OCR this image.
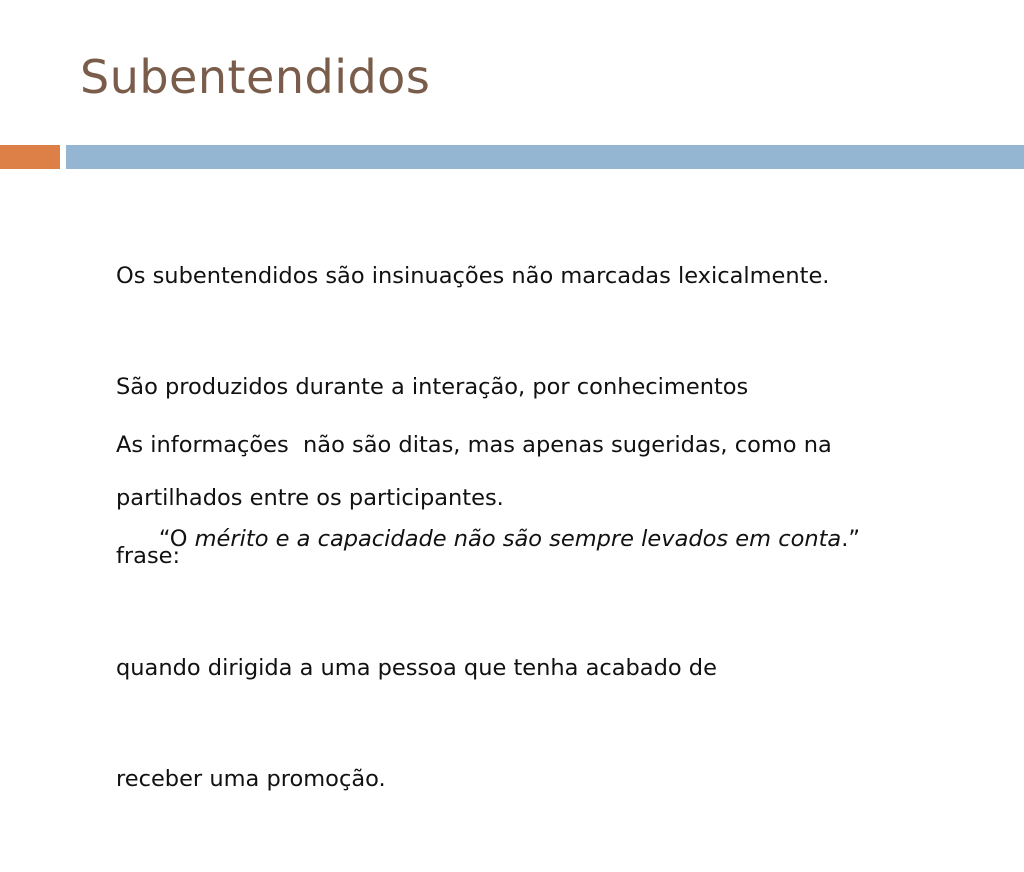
Subentendidos

Os subentendidos são insinuações não marcadas lexicalmente.

São produzidos durante a interação, por conhecimentos

partilhados entre os participantes.

As informações  não são ditas, mas apenas sugeridas, como na

frase:

“O mérito e a capacidade não são sempre levados em conta.”

quando dirigida a uma pessoa que tenha acabado de

receber uma promoção.
